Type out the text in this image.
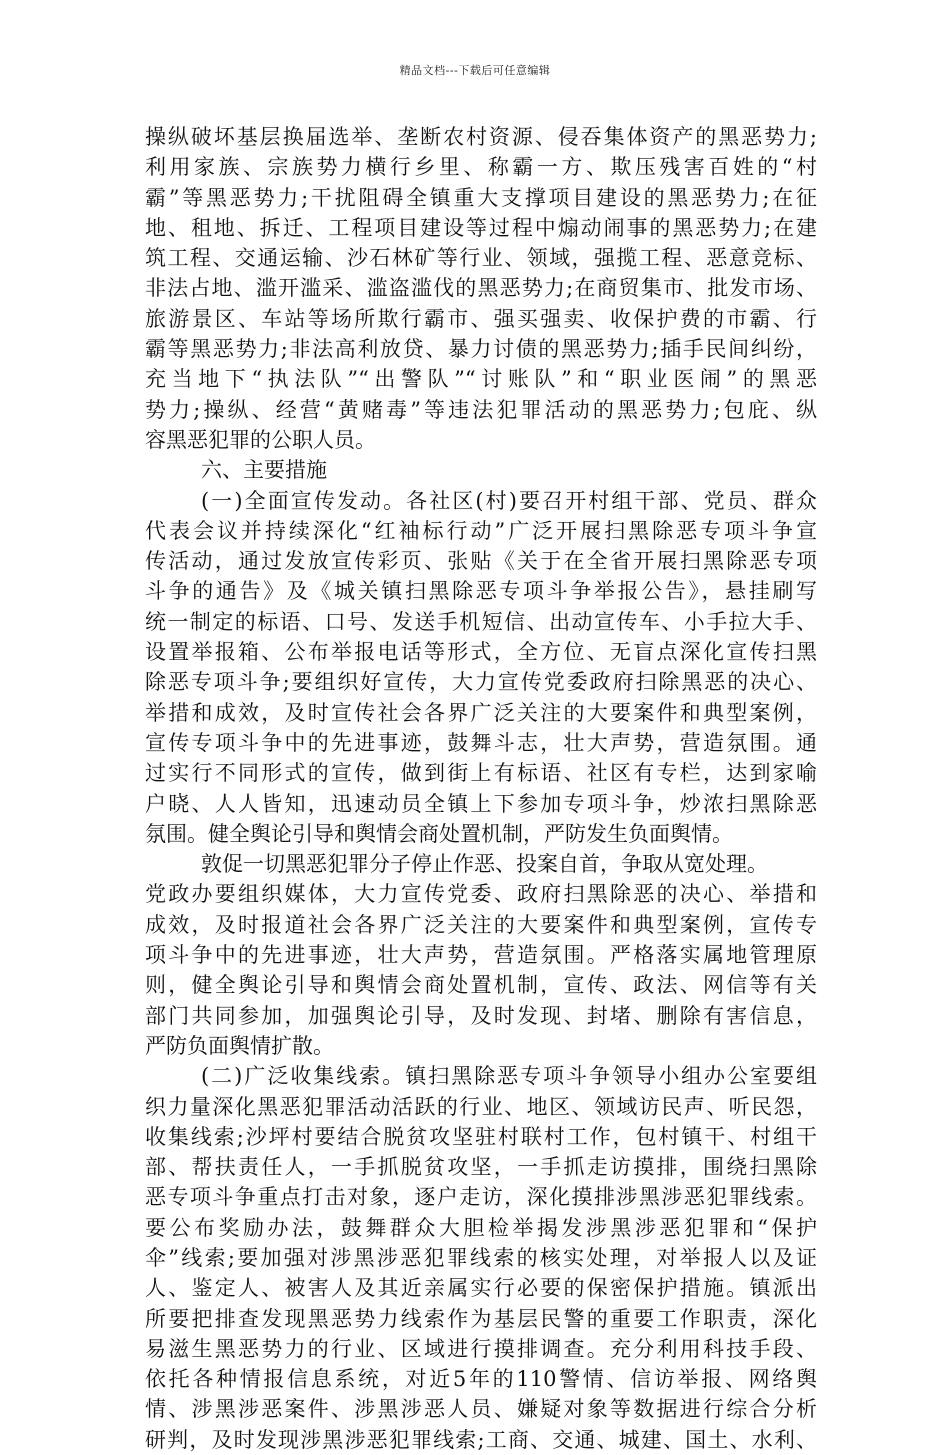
精品文档---下载后可任意编辑
操纵破坏基层换届选举、垄断农村资源、侵吞集体资产的黑恶势力;
利用家族、宗族势力横行乡里、称霸一方、欺压残害百姓的“村
霸”等黑恶势力;干扰阻碍全镇重大支撑项目建设的黑恶势力;在征
地、租地、拆迁、工程项目建设等过程中煽动闹事的黑恶势力;在建
筑工程、交通运输、沙石林矿等行业、领域，强揽工程、恶意竞标、
非法占地、滥开滥采、滥盗滥伐的黑恶势力;在商贸集市、批发市场、
旅游景区、车站等场所欺行霸市、强买强卖、收保护费的市霸、行
霸等黑恶势力;非法高利放贷、暴力讨债的黑恶势力;插手民间纠纷，
充当地下“执法队”“出警队”“讨账队”和“职业医闹”的黑恶
势力;操纵、经营“黄赌毒”等违法犯罪活动的黑恶势力;包庇、纵
容黑恶犯罪的公职人员。
六、主要措施
(一)全面宣传发动。各社区(村)要召开村组干部、党员、群众
代表会议并持续深化“红袖标行动”广泛开展扫黑除恶专项斗争宣
传活动，通过发放宣传彩页、张贴《关于在全省开展扫黑除恶专项
斗争的通告》及《城关镇扫黑除恶专项斗争举报公告》，悬挂刷写
统一制定的标语、口号、发送手机短信、出动宣传车、小手拉大手、
设置举报箱、公布举报电话等形式，全方位、无盲点深化宣传扫黑
除恶专项斗争;要组织好宣传，大力宣传党委政府扫除黑恶的决心、
举措和成效，及时宣传社会各界广泛关注的大要案件和典型案例，
宣传专项斗争中的先进事迹，鼓舞斗志，壮大声势，营造氛围。通
过实行不同形式的宣传，做到街上有标语、社区有专栏，达到家喻
户晓、人人皆知，迅速动员全镇上下参加专项斗争，炒浓扫黑除恶
氛围。健全舆论引导和舆情会商处置机制，严防发生负面舆情。
敦促一切黑恶犯罪分子停止作恶、投案自首，争取从宽处理。
党政办要组织媒体，大力宣传党委、政府扫黑除恶的决心、举措和
成效，及时报道社会各界广泛关注的大要案件和典型案例，宣传专
项斗争中的先进事迹，壮大声势，营造氛围。严格落实属地管理原
则，健全舆论引导和舆情会商处置机制，宣传、政法、网信等有关
部门共同参加，加强舆论引导，及时发现、封堵、删除有害信息，
严防负面舆情扩散。
(二)广泛收集线索。镇扫黑除恶专项斗争领导小组办公室要组
织力量深化黑恶犯罪活动活跃的行业、地区、领域访民声、听民怨，
收集线索;沙坪村要结合脱贫攻坚驻村联村工作，包村镇干、村组干
部、帮扶责任人，一手抓脱贫攻坚，一手抓走访摸排，围绕扫黑除
恶专项斗争重点打击对象，逐户走访，深化摸排涉黑涉恶犯罪线索。
要公布奖励办法，鼓舞群众大胆检举揭发涉黑涉恶犯罪和“保护
伞”线索;要加强对涉黑涉恶犯罪线索的核实处理，对举报人以及证
人、鉴定人、被害人及其近亲属实行必要的保密保护措施。镇派出
所要把排查发现黑恶势力线索作为基层民警的重要工作职责，深化
易滋生黑恶势力的行业、区域进行摸排调查。充分利用科技手段、
依托各种情报信息系统，对近5年的110警情、信访举报、网络舆
情、涉黑涉恶案件、涉黑涉恶人员、嫌疑对象等数据进行综合分析
研判，及时发现涉黑涉恶犯罪线索;工商、交通、城建、国土、水利、
